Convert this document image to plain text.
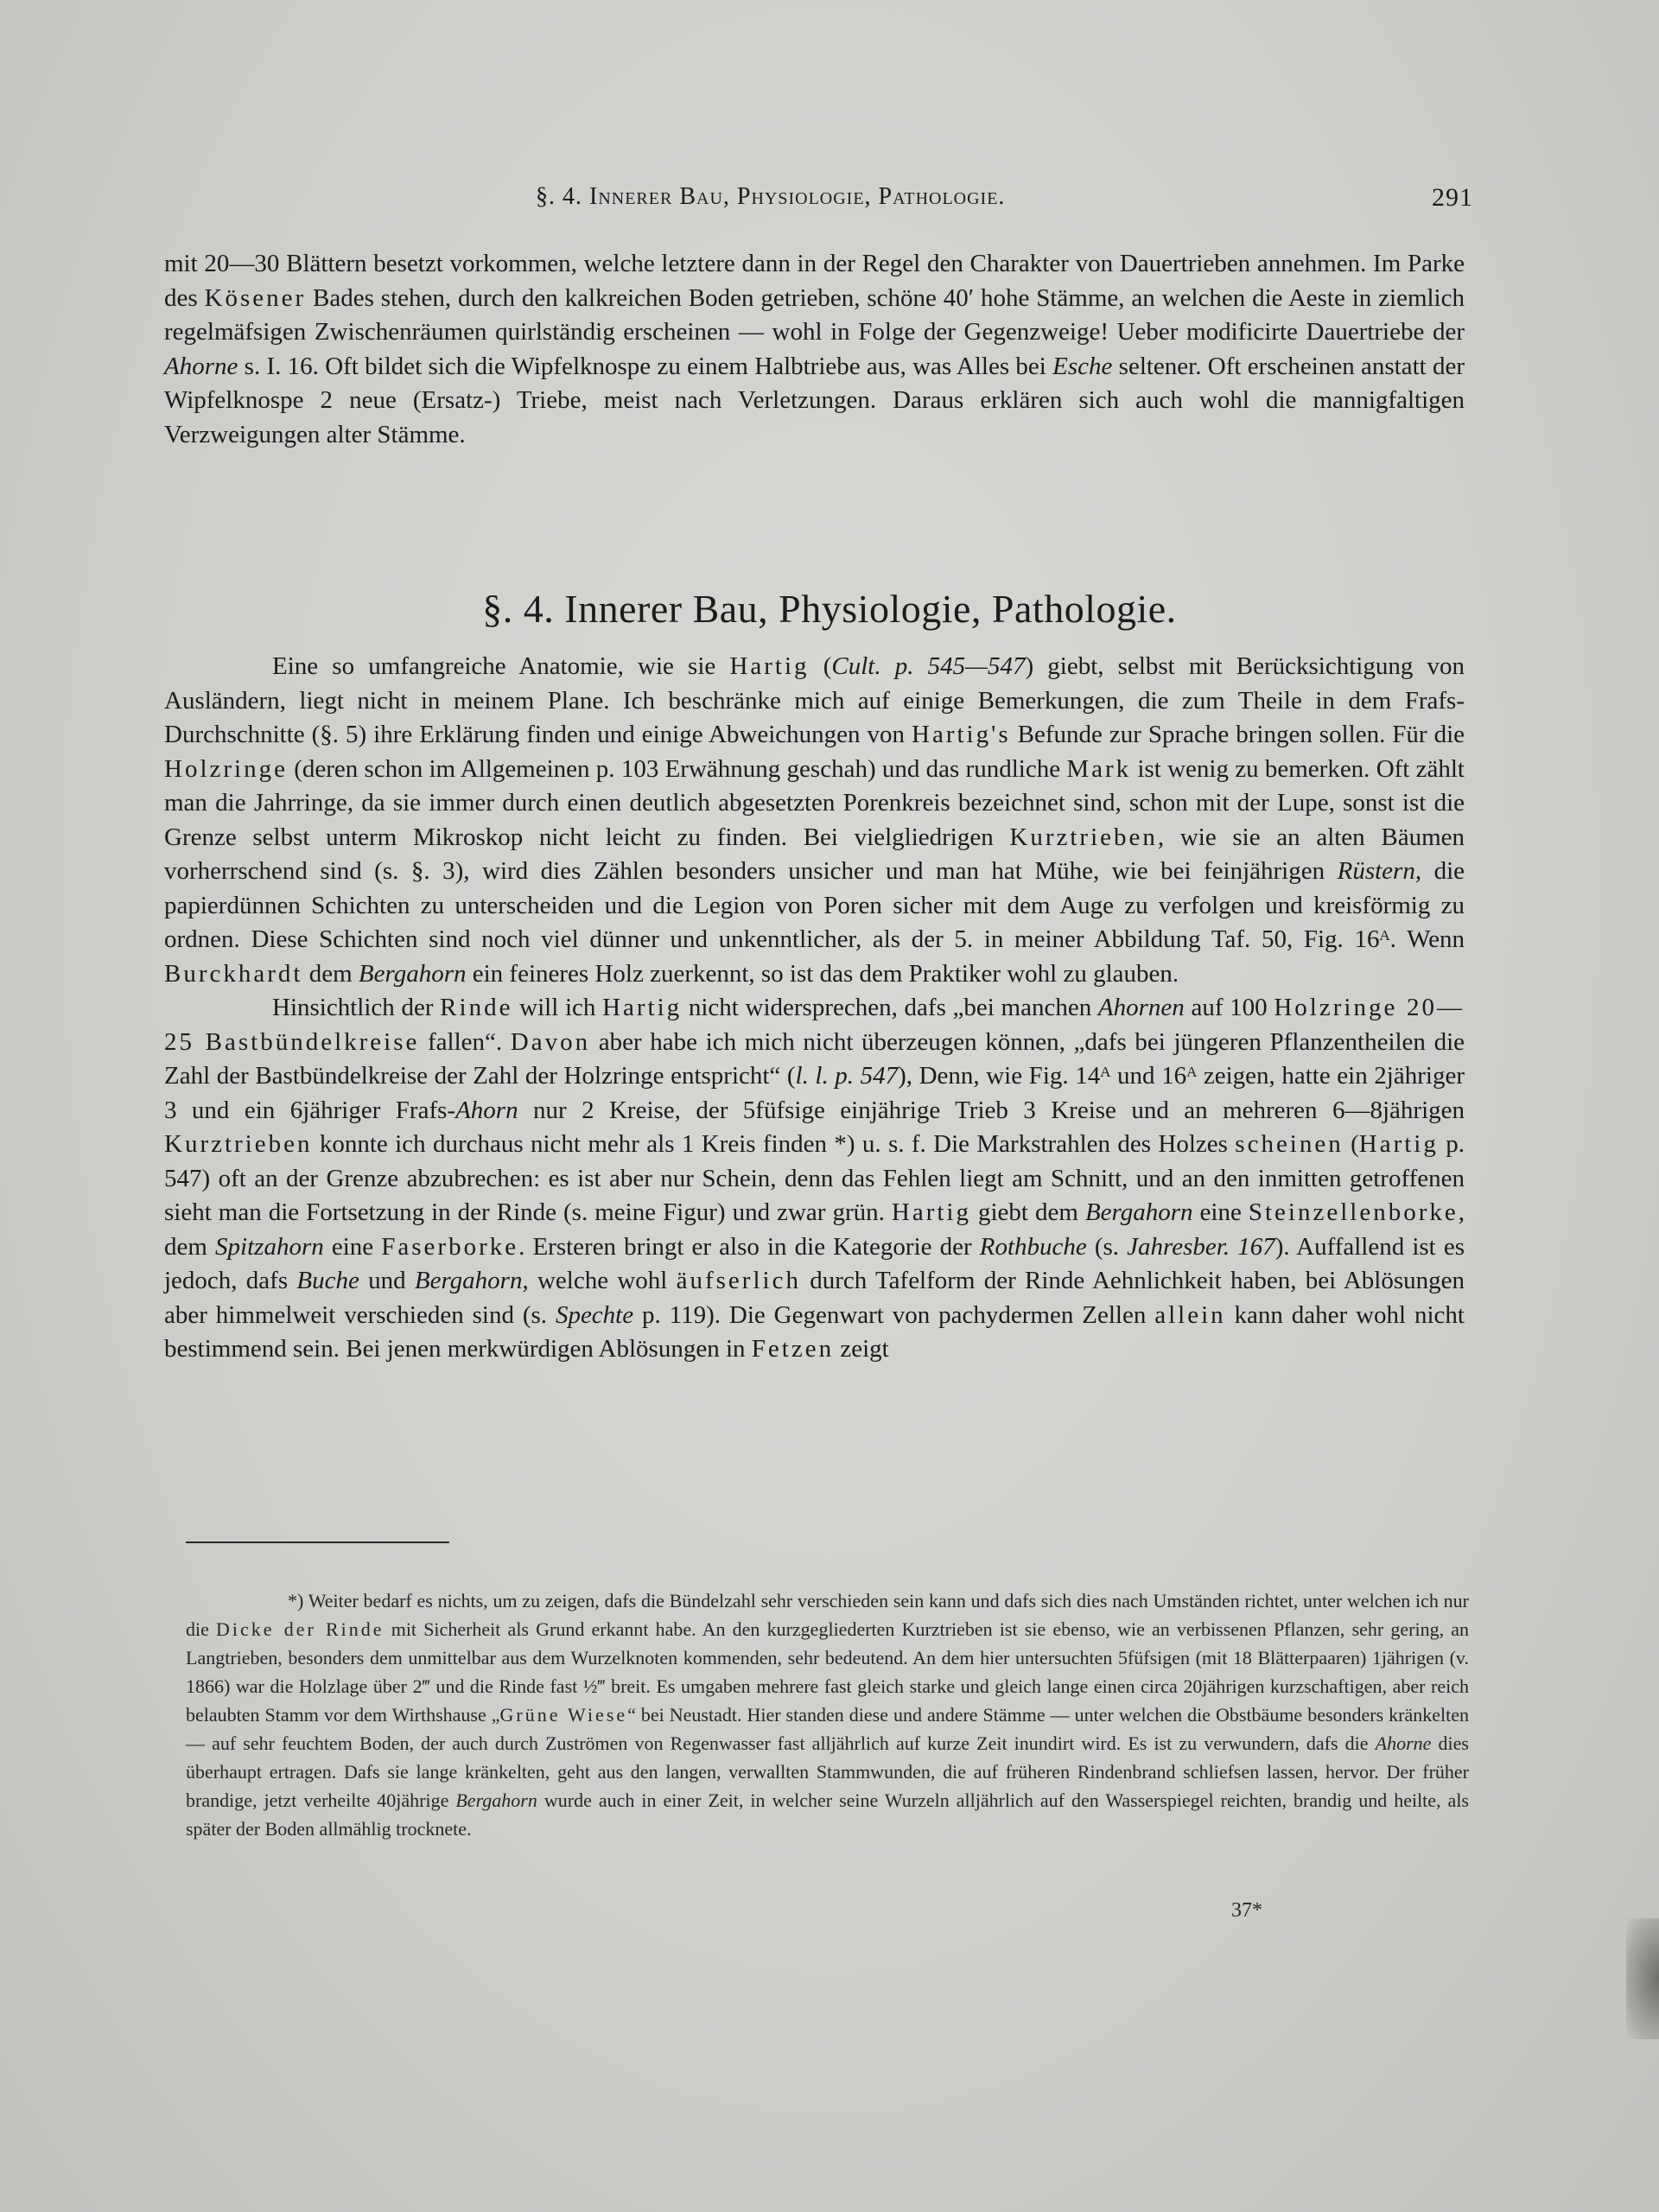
§. 4. Innerer Bau, Physiologie, Pathologie.	291

mit 20—30 Blättern besetzt vorkommen, welche letztere dann in der Regel den Charakter von Dauertrieben annehmen. Im Parke des Kösener Bades stehen, durch den kalkreichen Boden getrieben, schöne 40′ hohe Stämme, an welchen die Aeste in ziemlich regelmäfsigen Zwischenräumen quirlständig erscheinen — wohl in Folge der Gegenzweige! Ueber modificirte Dauertriebe der Ahorne s. I. 16. Oft bildet sich die Wipfelknospe zu einem Halbtriebe aus, was Alles bei Esche seltener. Oft erscheinen anstatt der Wipfelknospe 2 neue (Ersatz-) Triebe, meist nach Verletzungen. Daraus erklären sich auch wohl die mannigfaltigen Verzweigungen alter Stämme.

§. 4. Innerer Bau, Physiologie, Pathologie.

Eine so umfangreiche Anatomie, wie sie Hartig (Cult. p. 545—547) giebt, selbst mit Berücksichtigung von Ausländern, liegt nicht in meinem Plane. Ich beschränke mich auf einige Bemerkungen, die zum Theile in dem Frafs-Durchschnitte (§. 5) ihre Erklärung finden und einige Abweichungen von Hartig's Befunde zur Sprache bringen sollen. Für die Holzringe (deren schon im Allgemeinen p. 103 Erwähnung geschah) und das rundliche Mark ist wenig zu bemerken. Oft zählt man die Jahrringe, da sie immer durch einen deutlich abgesetzten Porenkreis bezeichnet sind, schon mit der Lupe, sonst ist die Grenze selbst unterm Mikroskop nicht leicht zu finden. Bei vielgliedrigen Kurztrieben, wie sie an alten Bäumen vorherrschend sind (s. §. 3), wird dies Zählen besonders unsicher und man hat Mühe, wie bei feinjährigen Rüstern, die papierdünnen Schichten zu unterscheiden und die Legion von Poren sicher mit dem Auge zu verfolgen und kreisförmig zu ordnen. Diese Schichten sind noch viel dünner und unkenntlicher, als der 5. in meiner Abbildung Taf. 50, Fig. 16ᴬ. Wenn Burckhardt dem Bergahorn ein feineres Holz zuerkennt, so ist das dem Praktiker wohl zu glauben.

Hinsichtlich der Rinde will ich Hartig nicht widersprechen, dafs „bei manchen Ahornen auf 100 Holzringe 20—25 Bastbündelkreise fallen“. Davon aber habe ich mich nicht überzeugen können, „dafs bei jüngeren Pflanzentheilen die Zahl der Bastbündelkreise der Zahl der Holzringe entspricht“ (l. l. p. 547), Denn, wie Fig. 14ᴬ und 16ᴬ zeigen, hatte ein 2jähriger 3 und ein 6jähriger Frafs-Ahorn nur 2 Kreise, der 5füfsige einjährige Trieb 3 Kreise und an mehreren 6—8jährigen Kurztrieben konnte ich durchaus nicht mehr als 1 Kreis finden *) u. s. f. Die Markstrahlen des Holzes scheinen (Hartig p. 547) oft an der Grenze abzubrechen: es ist aber nur Schein, denn das Fehlen liegt am Schnitt, und an den inmitten getroffenen sieht man die Fortsetzung in der Rinde (s. meine Figur) und zwar grün. Hartig giebt dem Bergahorn eine Steinzellenborke, dem Spitzahorn eine Faserborke. Ersteren bringt er also in die Kategorie der Rothbuche (s. Jahresber. 167). Auffallend ist es jedoch, dafs Buche und Bergahorn, welche wohl äufserlich durch Tafelform der Rinde Aehnlichkeit haben, bei Ablösungen aber himmelweit verschieden sind (s. Spechte p. 119). Die Gegenwart von pachydermen Zellen allein kann daher wohl nicht bestimmend sein. Bei jenen merkwürdigen Ablösungen in Fetzen zeigt

*) Weiter bedarf es nichts, um zu zeigen, dafs die Bündelzahl sehr verschieden sein kann und dafs sich dies nach Umständen richtet, unter welchen ich nur die Dicke der Rinde mit Sicherheit als Grund erkannt habe. An den kurzgegliederten Kurztrieben ist sie ebenso, wie an verbissenen Pflanzen, sehr gering, an Langtrieben, besonders dem unmittelbar aus dem Wurzelknoten kommenden, sehr bedeutend. An dem hier untersuchten 5füfsigen (mit 18 Blätterpaaren) 1jährigen (v. 1866) war die Holzlage über 2‴ und die Rinde fast ½‴ breit. Es umgaben mehrere fast gleich starke und gleich lange einen circa 20jährigen kurzschaftigen, aber reich belaubten Stamm vor dem Wirthshause „Grüne Wiese“ bei Neustadt. Hier standen diese und andere Stämme — unter welchen die Obstbäume besonders kränkelten — auf sehr feuchtem Boden, der auch durch Zuströmen von Regenwasser fast alljährlich auf kurze Zeit inundirt wird. Es ist zu verwundern, dafs die Ahorne dies überhaupt ertragen. Dafs sie lange kränkelten, geht aus den langen, verwallten Stammwunden, die auf früheren Rindenbrand schliefsen lassen, hervor. Der früher brandige, jetzt verheilte 40jährige Bergahorn wurde auch in einer Zeit, in welcher seine Wurzeln alljährlich auf den Wasserspiegel reichten, brandig und heilte, als später der Boden allmählig trocknete.

37*
